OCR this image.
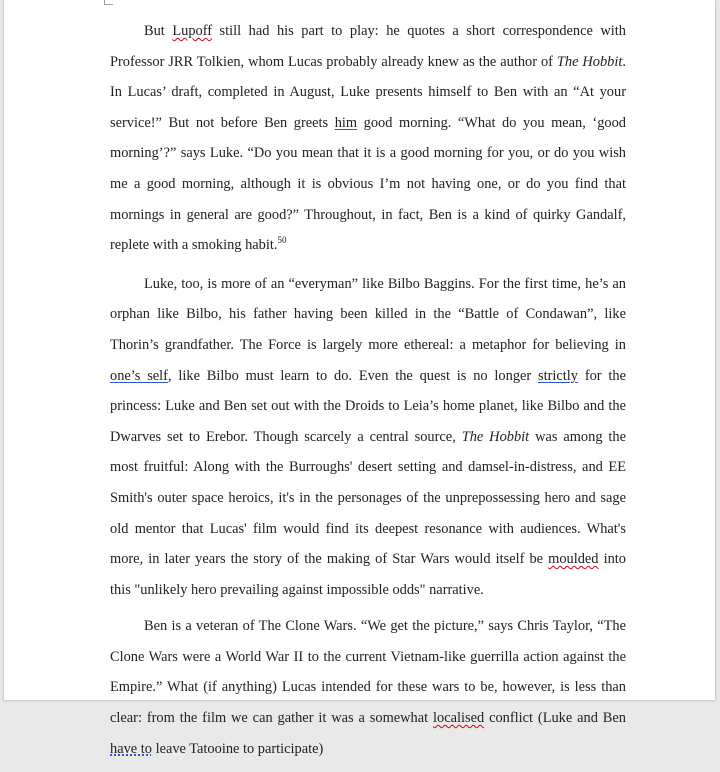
But Lupoff still had his part to play: he quotes a short correspondence with Professor JRR Tolkien, whom Lucas probably already knew as the author of The Hobbit. In Lucas’ draft, completed in August, Luke presents himself to Ben with an “At your service!” But not before Ben greets him good morning. “What do you mean, ‘good morning’?” says Luke. “Do you mean that it is a good morning for you, or do you wish me a good morning, although it is obvious I’m not having one, or do you find that mornings in general are good?” Throughout, in fact, Ben is a kind of quirky Gandalf, replete with a smoking habit.$^{50}$

Luke, too, is more of an “everyman” like Bilbo Baggins. For the first time, he’s an orphan like Bilbo, his father having been killed in the “Battle of Condawan”, like Thorin’s grandfather. The Force is largely more ethereal: a metaphor for believing in one’s self, like Bilbo must learn to do. Even the quest is no longer strictly for the princess: Luke and Ben set out with the Droids to Leia’s home planet, like Bilbo and the Dwarves set to Erebor. Though scarcely a central source, The Hobbit was among the most fruitful: Along with the Burroughs' desert setting and damsel-in-distress, and EE Smith's outer space heroics, it's in the personages of the unprepossessing hero and sage old mentor that Lucas' film would find its deepest resonance with audiences. What's more, in later years the story of the making of Star Wars would itself be moulded into this "unlikely hero prevailing against impossible odds" narrative.

Ben is a veteran of The Clone Wars. “We get the picture,” says Chris Taylor, “The Clone Wars were a World War II to the current Vietnam-like guerrilla action against the Empire.” What (if anything) Lucas intended for these wars to be, however, is less than clear: from the film we can gather it was a somewhat localised conflict (Luke and Ben have to leave Tatooine to participate)
